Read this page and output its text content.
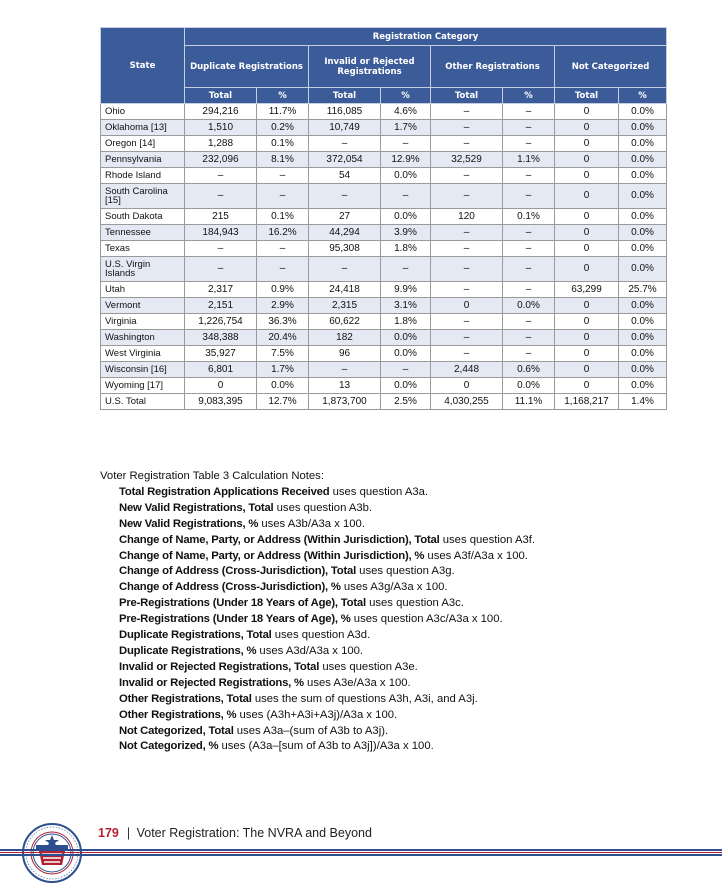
State	Registration Category							
	Duplicate Registrations		Invalid or Rejected Registrations		Other Registrations		Not Categorized	
	Total	%	Total	%	Total	%	Total	%
Ohio	294,216	11.7%	116,085	4.6%	–	–	0	0.0%
Oklahoma [13]	1,510	0.2%	10,749	1.7%	–	–	0	0.0%
Oregon [14]	1,288	0.1%	–	–	–	–	0	0.0%
Pennsylvania	232,096	8.1%	372,054	12.9%	32,529	1.1%	0	0.0%
Rhode Island	–	–	54	0.0%	–	–	0	0.0%
South Carolina [15]	–	–	–	–	–	–	0	0.0%
South Dakota	215	0.1%	27	0.0%	120	0.1%	0	0.0%
Tennessee	184,943	16.2%	44,294	3.9%	–	–	0	0.0%
Texas	–	–	95,308	1.8%	–	–	0	0.0%
U.S. Virgin Islands	–	–	–	–	–	–	0	0.0%
Utah	2,317	0.9%	24,418	9.9%	–	–	63,299	25.7%
Vermont	2,151	2.9%	2,315	3.1%	0	0.0%	0	0.0%
Virginia	1,226,754	36.3%	60,622	1.8%	–	–	0	0.0%
Washington	348,388	20.4%	182	0.0%	–	–	0	0.0%
West Virginia	35,927	7.5%	96	0.0%	–	–	0	0.0%
Wisconsin [16]	6,801	1.7%	–	–	2,448	0.6%	0	0.0%
Wyoming [17]	0	0.0%	13	0.0%	0	0.0%	0	0.0%
U.S. Total	9,083,395	12.7%	1,873,700	2.5%	4,030,255	11.1%	1,168,217	1.4%
Voter Registration Table 3 Calculation Notes:
Total Registration Applications Received uses question A3a.
New Valid Registrations, Total uses question A3b.
New Valid Registrations, % uses A3b/A3a x 100.
Change of Name, Party, or Address (Within Jurisdiction), Total uses question A3f.
Change of Name, Party, or Address (Within Jurisdiction), % uses A3f/A3a x 100.
Change of Address (Cross-Jurisdiction), Total uses question A3g.
Change of Address (Cross-Jurisdiction), % uses A3g/A3a x 100.
Pre-Registrations (Under 18 Years of Age), Total uses question A3c.
Pre-Registrations (Under 18 Years of Age), % uses question A3c/A3a x 100.
Duplicate Registrations, Total uses question A3d.
Duplicate Registrations, % uses A3d/A3a x 100.
Invalid or Rejected Registrations, Total uses question A3e.
Invalid or Rejected Registrations, % uses A3e/A3a x 100.
Other Registrations, Total uses the sum of questions A3h, A3i, and A3j.
Other Registrations, % uses (A3h+A3i+A3j)/A3a x 100.
Not Categorized, Total uses A3a–(sum of A3b to A3j).
Not Categorized, % uses (A3a–[sum of A3b to A3j])/A3a x 100.
179 | Voter Registration: The NVRA and Beyond
